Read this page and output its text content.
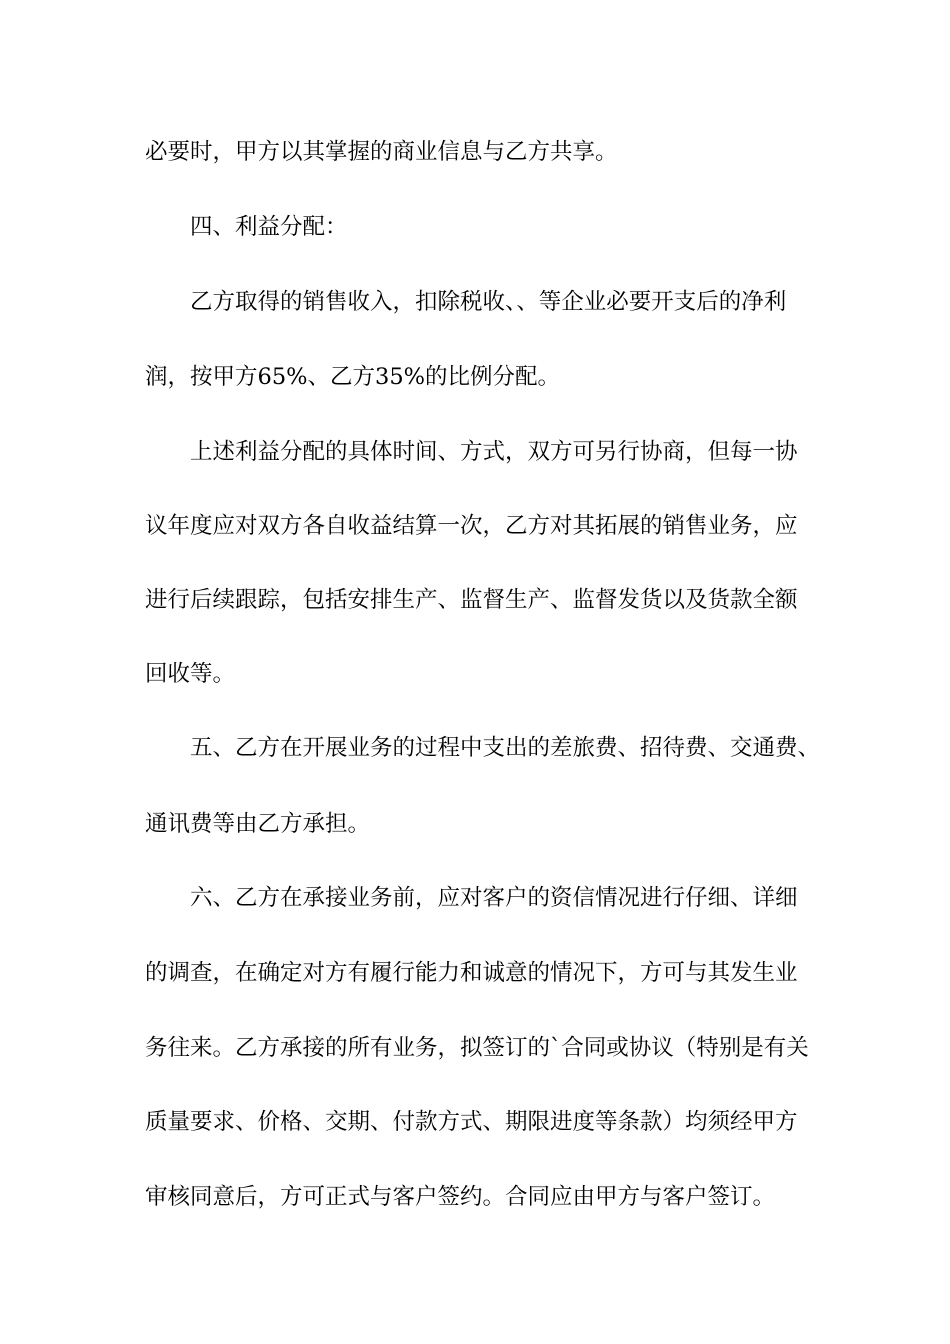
必要时，甲方以其掌握的商业信息与乙方共享。
四、利益分配：
乙方取得的销售收入，扣除税收、、等企业必要开支后的净利
润，按甲方65%、乙方35%的比例分配。
上述利益分配的具体时间、方式，双方可另行协商，但每一协
议年度应对双方各自收益结算一次，乙方对其拓展的销售业务，应
进行后续跟踪，包括安排生产、监督生产、监督发货以及货款全额
回收等。
五、乙方在开展业务的过程中支出的差旅费、招待费、交通费、
通讯费等由乙方承担。
六、乙方在承接业务前，应对客户的资信情况进行仔细、详细
的调查，在确定对方有履行能力和诚意的情况下，方可与其发生业
务往来。乙方承接的所有业务，拟签订的`合同或协议（特别是有关
质量要求、价格、交期、付款方式、期限进度等条款）均须经甲方
审核同意后，方可正式与客户签约。合同应由甲方与客户签订。
